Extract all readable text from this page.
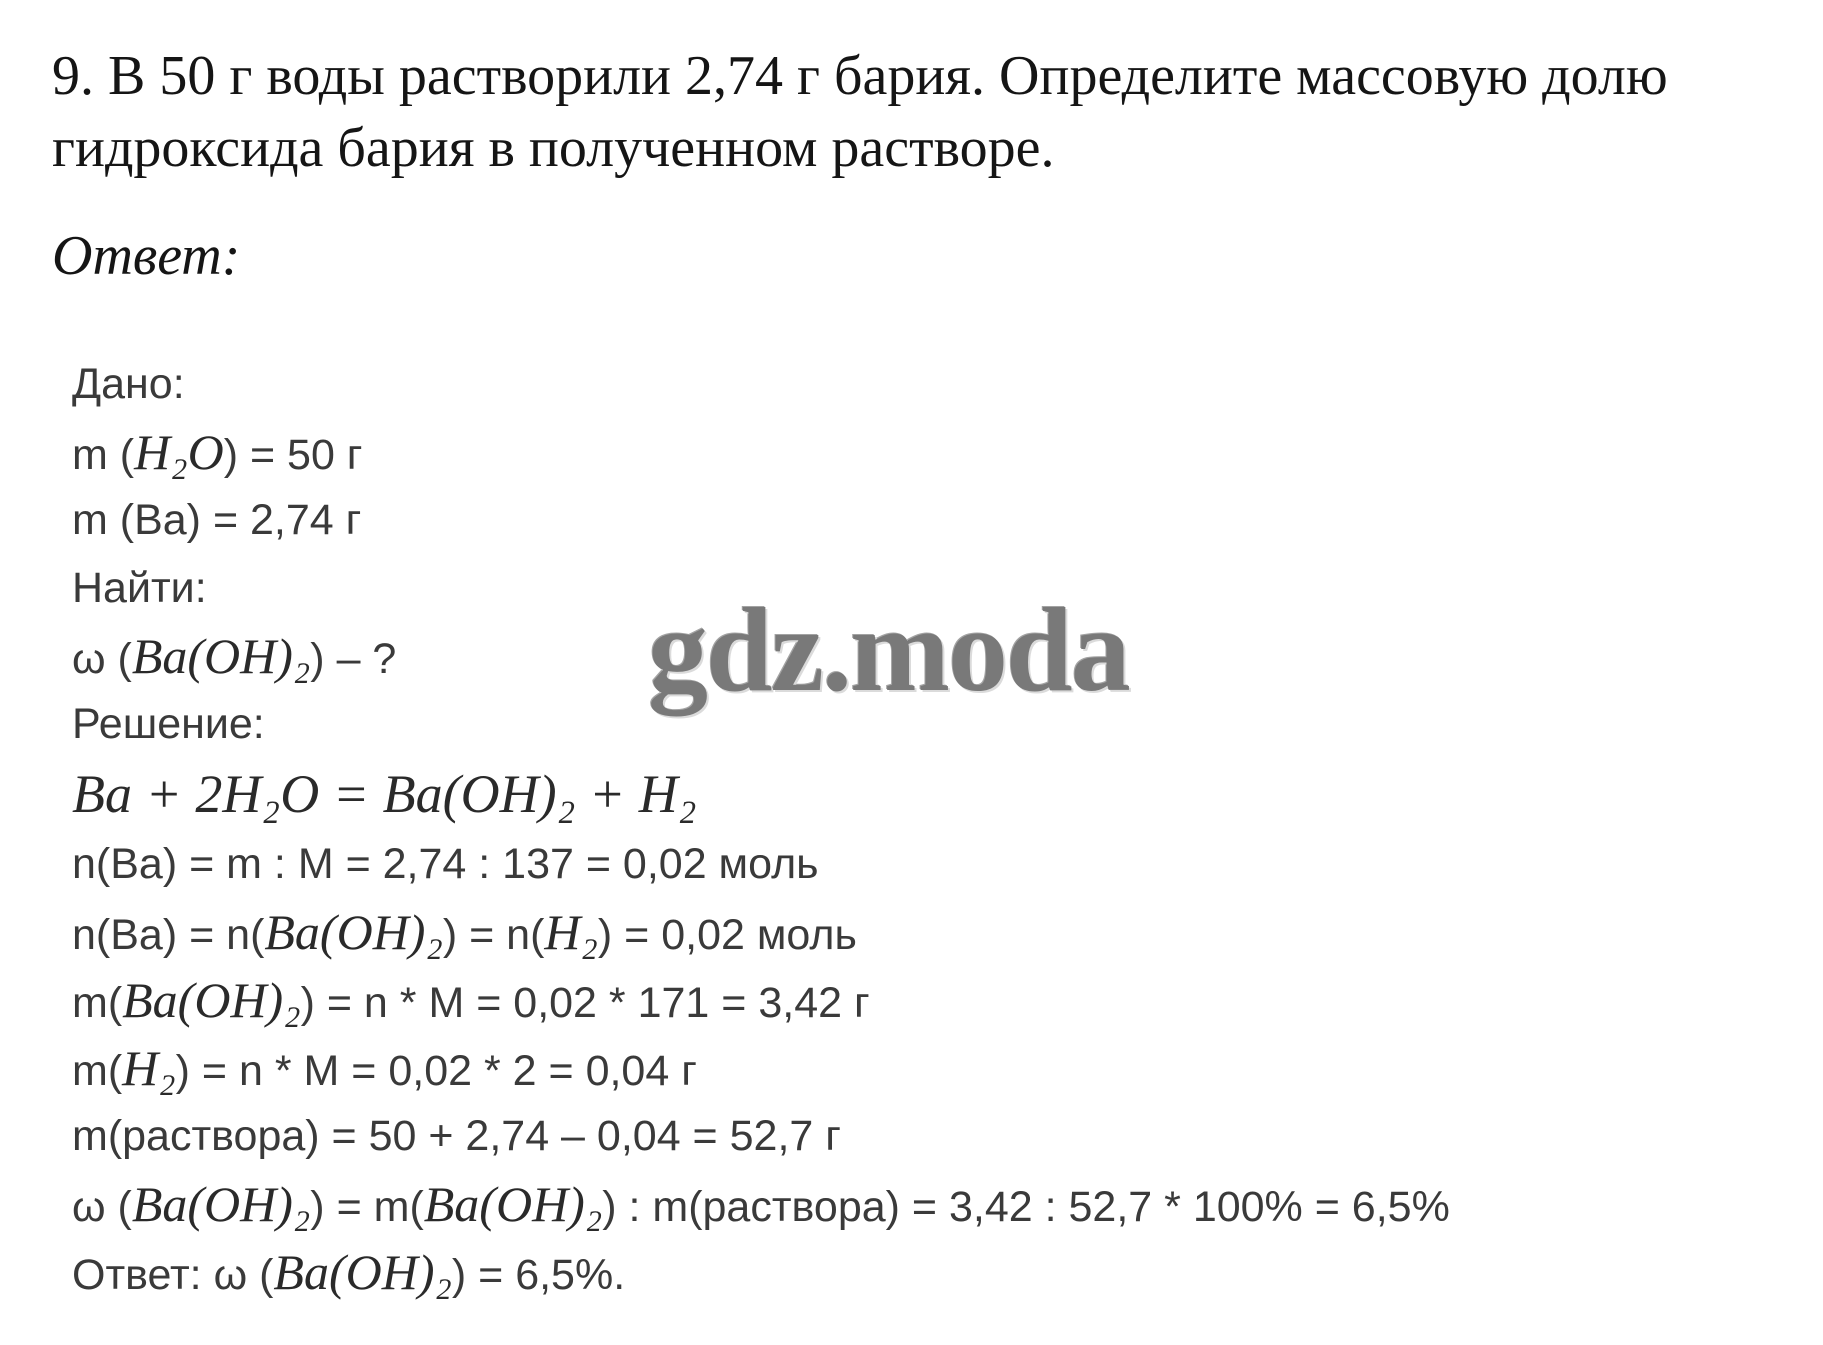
9. В 50 г воды растворили 2,74 г бария. Определите массовую долю гидроксида бария в полученном растворе.

Ответ:

Дано:
m (H₂O) = 50 г
m (Ba) = 2,74 г
Найти:
ω (Ba(OH)₂) – ?
Решение:
Ba + 2H₂O = Ba(OH)₂ + H₂
n(Ba) = m : M = 2,74 : 137 = 0,02 моль
n(Ba) = n(Ba(OH)₂) = n(H₂) = 0,02 моль
m(Ba(OH)₂) = n * M = 0,02 * 171 = 3,42 г
m(H₂) = n * M = 0,02 * 2 = 0,04 г
m(раствора) = 50 + 2,74 – 0,04 = 52,7 г
ω (Ba(OH)₂) = m(Ba(OH)₂) : m(раствора) = 3,42 : 52,7 * 100% = 6,5%
Ответ: ω (Ba(OH)₂) = 6,5%.
gdz.moda
